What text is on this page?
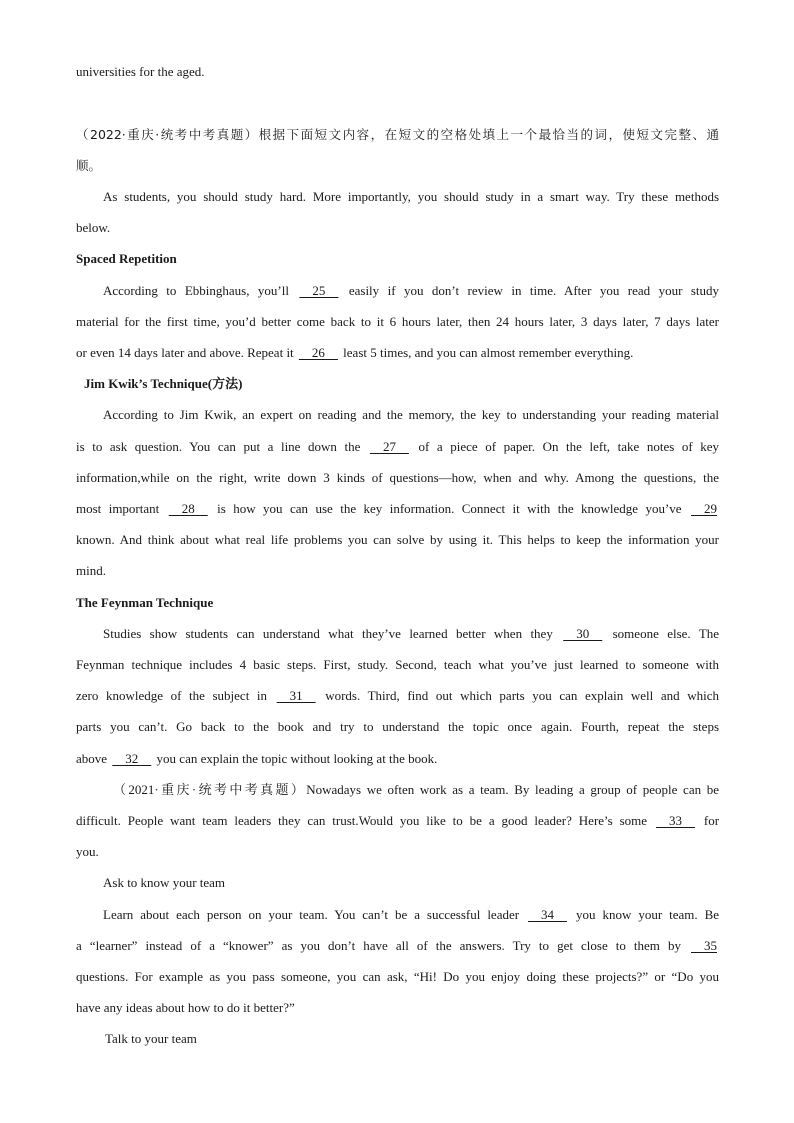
universities for the aged.
（2022·重庆·统考中考真题）根据下面短文内容，在短文的空格处填上一个最恰当的词，使短文完整、通
顺。
As students, you should study hard. More importantly, you should study in a smart way. Try these methods
below.
Spaced Repetition
According to Ebbinghaus, you’ll     25     easily if you don’t review in time. After you read your study
material for the first time, you’d better come back to it 6 hours later, then 24 hours later, 3 days later, 7 days later
or even 14 days later and above. Repeat it     26     least 5 times, and you can almost remember everything.
Jim Kwik’s Technique(方法)
According to Jim Kwik, an expert on reading and the memory, the key to understanding your reading material
is to ask question. You can put a line down the     27     of a piece of paper. On the left, take notes of key
information,while on the right, write down 3 kinds of questions—how, when and why. Among the questions, the
most important     28     is how you can use the key information. Connect it with the knowledge you’ve     29
known. And think about what real life problems you can solve by using it. This helps to keep the information your
mind.
The Feynman Technique
Studies show students can understand what they’ve learned better when they     30     someone else. The
Feynman technique includes 4 basic steps. First, study. Second, teach what you’ve just learned to someone with
zero knowledge of the subject in     31     words. Third, find out which parts you can explain well and which
parts you can’t. Go back to the book and try to understand the topic once again. Fourth, repeat the steps
above     32     you can explain the topic without looking at the book.
（2021·重庆·统考中考真题）Nowadays we often work as a team. By leading a group of people can be
difficult. People want team leaders they can trust.Would you like to be a good leader? Here’s some     33     for
you.
Ask to know your team
Learn about each person on your team. You can’t be a successful leader     34     you know your team. Be
a “learner” instead of a “knower” as you don’t have all of the answers. Try to get close to them by     35
questions. For example as you pass someone, you can ask, “Hi! Do you enjoy doing these projects?” or “Do you
have any ideas about how to do it better?”
Talk to your team
